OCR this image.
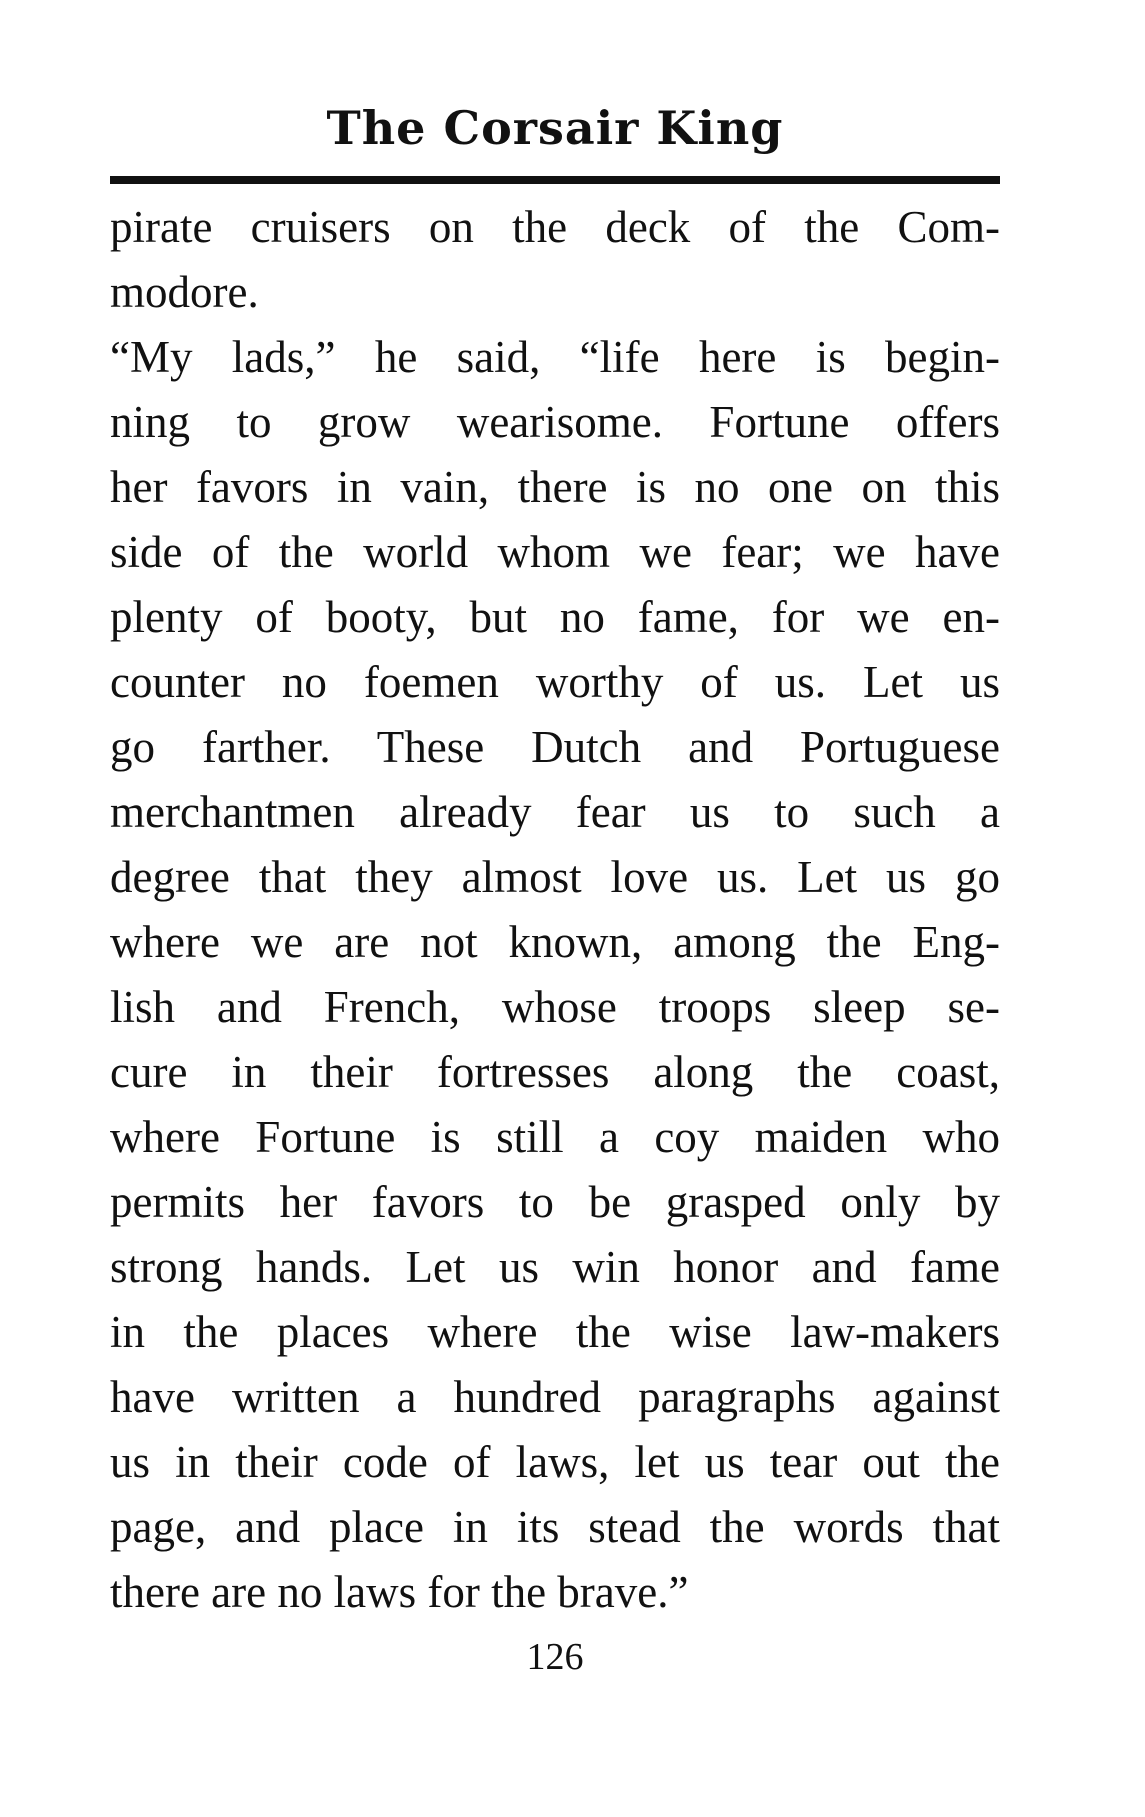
The Corsair King
pirate cruisers on the deck of the Com-
modore.
“My lads,” he said, “life here is begin-
ning to grow wearisome. Fortune offers
her favors in vain, there is no one on this
side of the world whom we fear; we have
plenty of booty, but no fame, for we en-
counter no foemen worthy of us. Let us
go farther. These Dutch and Portuguese
merchantmen already fear us to such a
degree that they almost love us. Let us go
where we are not known, among the Eng-
lish and French, whose troops sleep se-
cure in their fortresses along the coast,
where Fortune is still a coy maiden who
permits her favors to be grasped only by
strong hands. Let us win honor and fame
in the places where the wise law-makers
have written a hundred paragraphs against
us in their code of laws, let us tear out the
page, and place in its stead the words that
there are no laws for the brave.”
126
